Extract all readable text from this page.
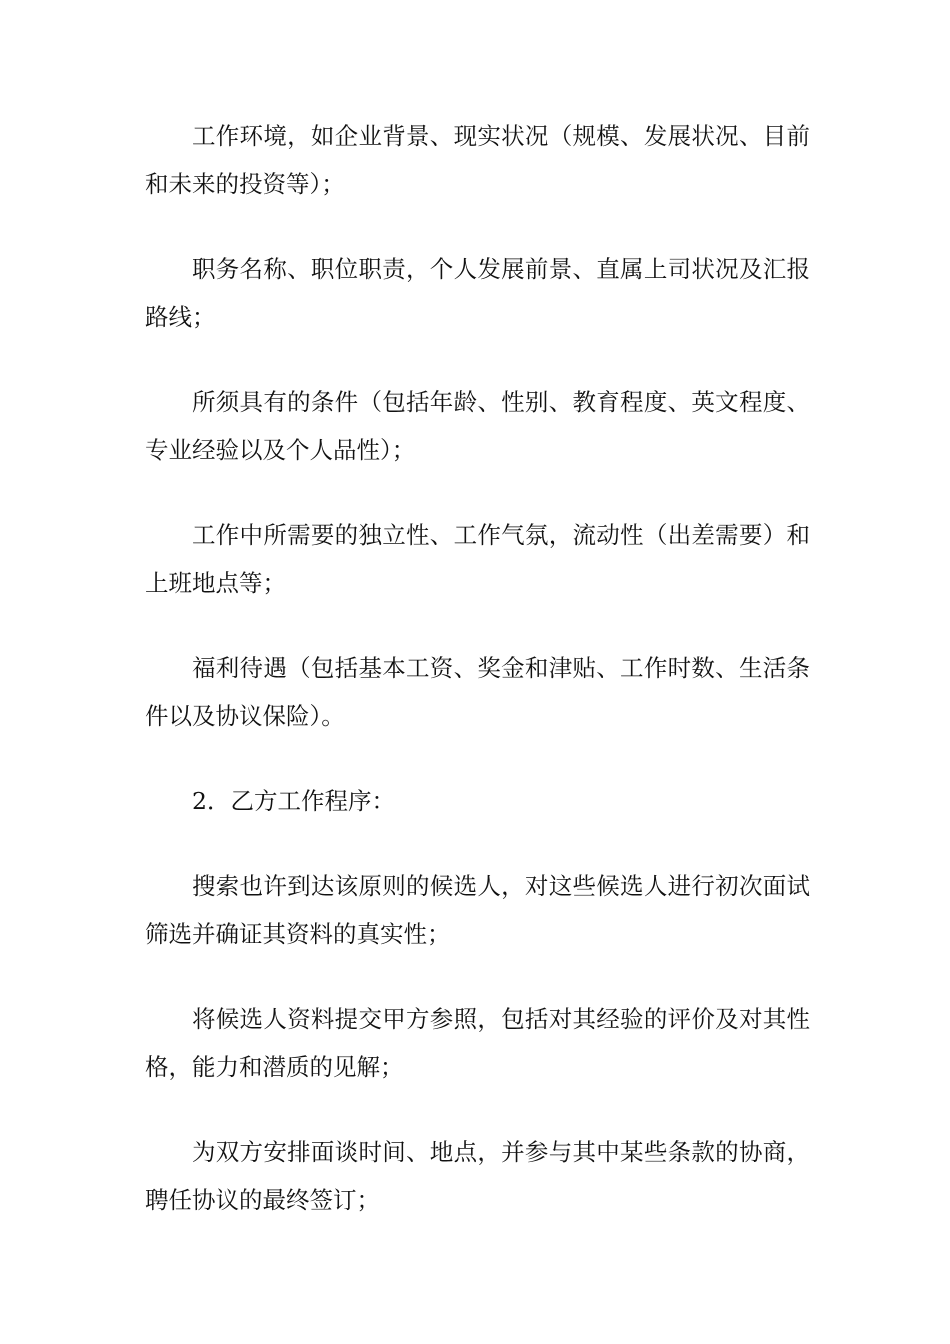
工作环境，如企业背景、现实状况（规模、发展状况、目前和未来的投资等）；

职务名称、职位职责，个人发展前景、直属上司状况及汇报路线；

所须具有的条件（包括年龄、性别、教育程度、英文程度、专业经验以及个人品性）；

工作中所需要的独立性、工作气氛，流动性（出差需要）和上班地点等；

福利待遇（包括基本工资、奖金和津贴、工作时数、生活条件以及协议保险）。

2．乙方工作程序：

搜索也许到达该原则的候选人，对这些候选人进行初次面试筛选并确证其资料的真实性；

将候选人资料提交甲方参照，包括对其经验的评价及对其性格，能力和潜质的见解；

为双方安排面谈时间、地点，并参与其中某些条款的协商，聘任协议的最终签订；
